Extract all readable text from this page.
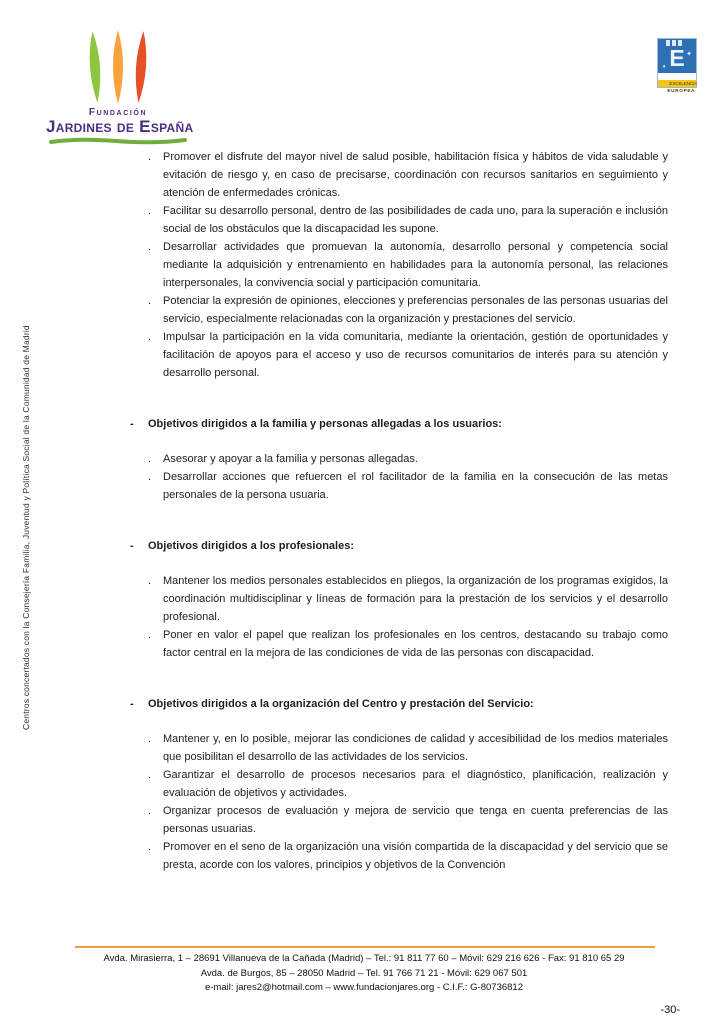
Fundación
Jardines de España
E ✦
✦
EXCELENCIA
EUROPEA
Centros concertados con la Consejería Familia, Juventud y Política Social de la Comunidad de Madrid
.	Promover el disfrute del mayor nivel de salud posible, habilitación física y hábitos de vida saludable y evitación de riesgo y, en caso de precisarse, coordinación con recursos sanitarios en seguimiento y atención de enfermedades crónicas.
.	Facilitar su desarrollo personal, dentro de las posibilidades de cada uno, para la superación e inclusión social de los obstáculos que la discapacidad les supone.
.	Desarrollar actividades que promuevan la autonomía, desarrollo personal y competencia social mediante la adquisición y entrenamiento en habilidades para la autonomía personal, las relaciones interpersonales, la convivencia social y participación comunitaria.
.	Potenciar la expresión de opiniones, elecciones y preferencias personales de las personas usuarias del servicio, especialmente relacionadas con la organización y prestaciones del servicio.
.	Impulsar la participación en la vida comunitaria, mediante la orientación, gestión de oportunidades y facilitación de apoyos para el acceso y uso de recursos comunitarios de interés para su atención y desarrollo personal.
-	Objetivos dirigidos a la familia y personas allegadas a los usuarios:
.	Asesorar y apoyar a la familia y personas allegadas.
.	Desarrollar acciones que refuercen el rol facilitador de la familia en la consecución de las metas personales de la persona usuaria.
-	Objetivos dirigidos a los profesionales:
.	Mantener los medios personales establecidos en pliegos, la organización de los programas exigidos, la coordinación multidisciplinar y líneas de formación para la prestación de los servicios y el desarrollo profesional.
.	Poner en valor el papel que realizan los profesionales en los centros, destacando su trabajo como factor central en la mejora de las condiciones de vida de las personas con discapacidad.
-	Objetivos dirigidos a la organización del Centro y prestación del Servicio:
.	Mantener y, en lo posible, mejorar las condiciones de calidad y accesibilidad de los medios materiales que posibilitan el desarrollo de las actividades de los servicios.
.	Garantizar el desarrollo de procesos necesarios para el diagnóstico, planificación, realización y evaluación de objetivos y actividades.
.	Organizar procesos de evaluación y mejora de servicio que tenga en cuenta preferencias de las personas usuarias.
.	Promover en el seno de la organización una visión compartida de la discapacidad y del servicio que se presta, acorde con los valores, principios y objetivos de la Convención
Avda. Mirasierra, 1 – 28691 Villanueva de la Cañada (Madrid) – Tel.: 91 811 77 60 – Móvil: 629 216 626 - Fax: 91 810 65 29
Avda. de Burgos, 85 – 28050 Madrid – Tel. 91 766 71 21 - Móvil: 629 067 501
e-mail: jares2@hotmail.com – www.fundacionjares.org - C.I.F.: G-80736812
-30-
